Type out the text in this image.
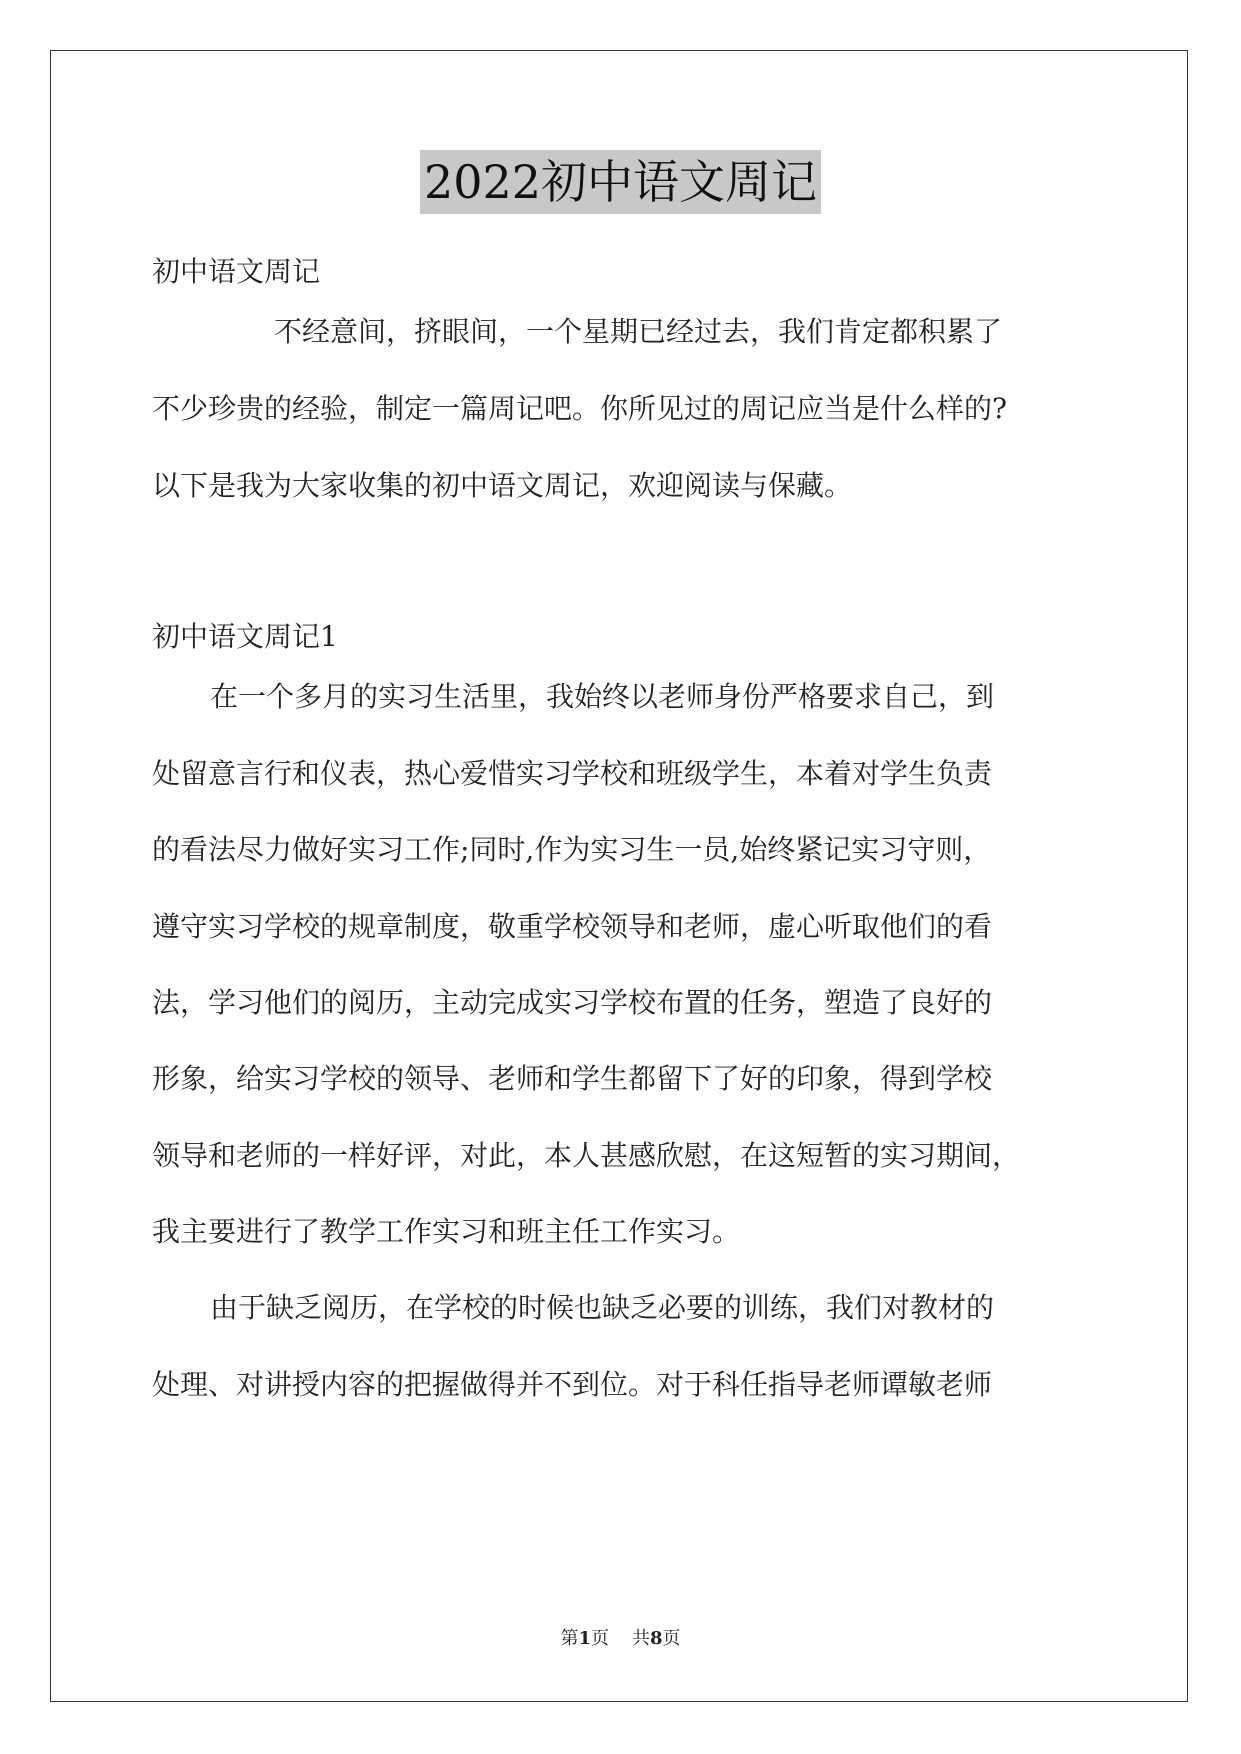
2022初中语文周记
初中语文周记
不经意间，挤眼间，一个星期已经过去，我们肯定都积累了
不少珍贵的经验，制定一篇周记吧。你所见过的周记应当是什么样的?
以下是我为大家收集的初中语文周记，欢迎阅读与保藏。
初中语文周记1
在一个多月的实习生活里，我始终以老师身份严格要求自己，到
处留意言行和仪表，热心爱惜实习学校和班级学生，本着对学生负责
的看法尽力做好实习工作;同时,作为实习生一员,始终紧记实习守则，
遵守实习学校的规章制度，敬重学校领导和老师，虚心听取他们的看
法，学习他们的阅历，主动完成实习学校布置的任务，塑造了良好的
形象，给实习学校的领导、老师和学生都留下了好的印象，得到学校
领导和老师的一样好评，对此，本人甚感欣慰，在这短暂的实习期间，
我主要进行了教学工作实习和班主任工作实习。
由于缺乏阅历，在学校的时候也缺乏必要的训练，我们对教材的
处理、对讲授内容的把握做得并不到位。对于科任指导老师谭敏老师
第1页 共8页
